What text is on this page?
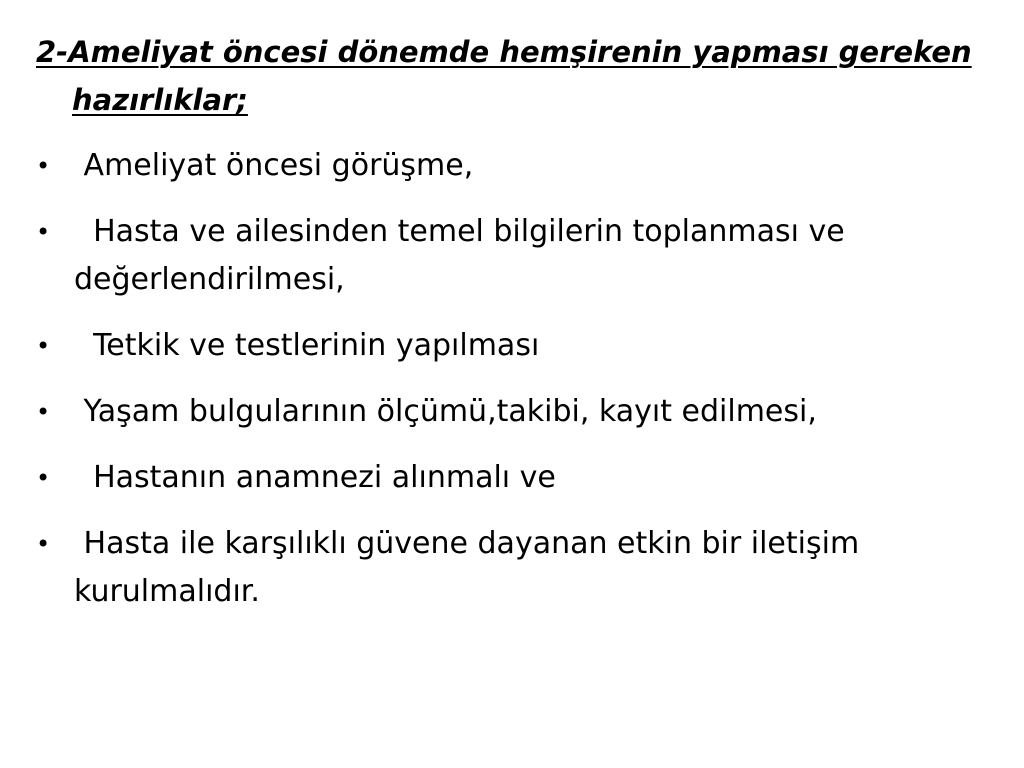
2-Ameliyat öncesi dönemde hemşirenin yapması gereken hazırlıklar;

• Ameliyat öncesi görüşme,
• Hasta ve ailesinden temel bilgilerin toplanması ve değerlendirilmesi,
• Tetkik ve testlerinin yapılması
• Yaşam bulgularının ölçümü,takibi, kayıt edilmesi,
• Hastanın anamnezi alınmalı ve
• Hasta ile karşılıklı güvene dayanan etkin bir iletişim kurulmalıdır.
